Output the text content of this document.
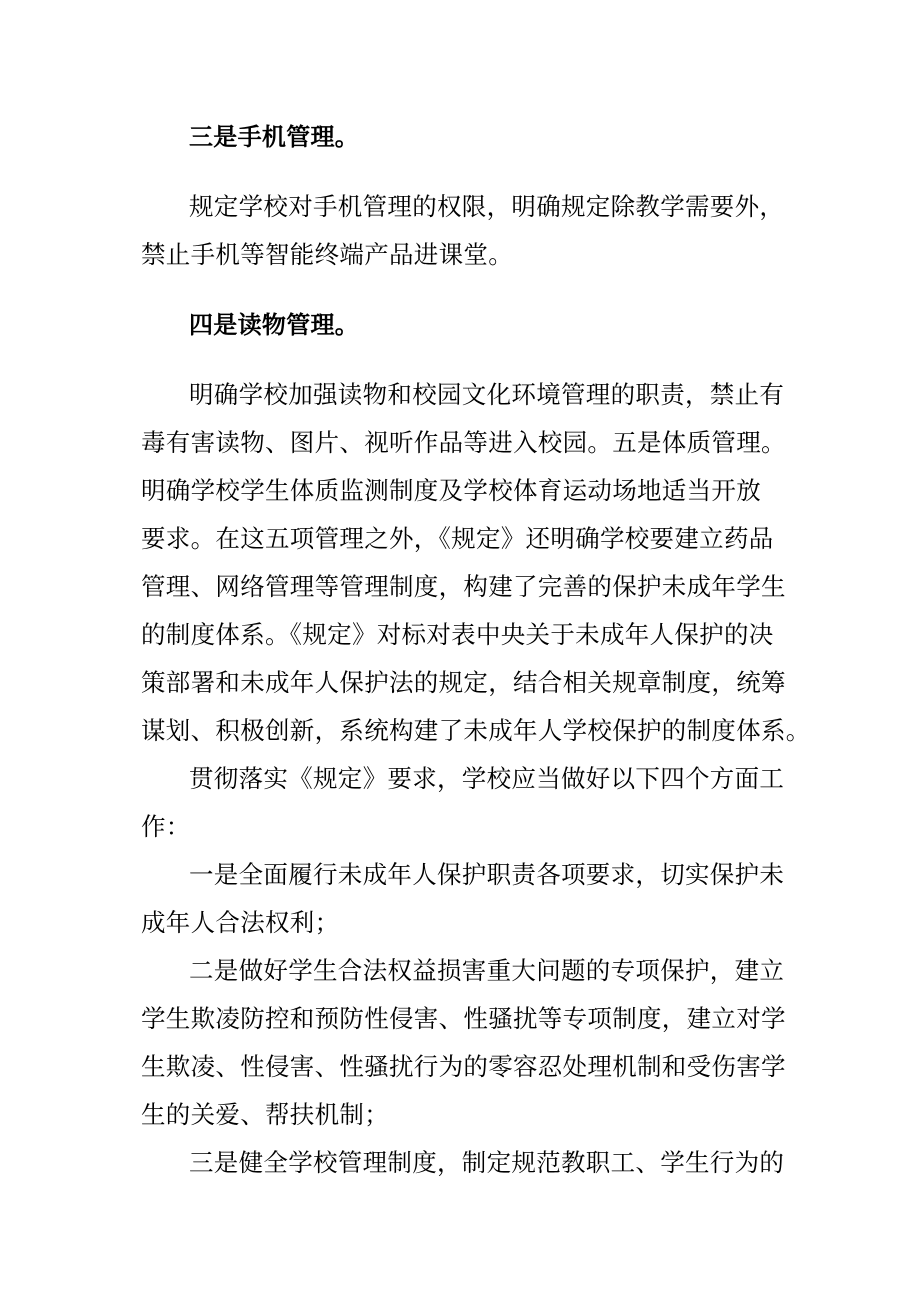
三是手机管理。
规定学校对手机管理的权限，明确规定除教学需要外，
禁止手机等智能终端产品进课堂。
四是读物管理。
明确学校加强读物和校园文化环境管理的职责，禁止有
毒有害读物、图片、视听作品等进入校园。五是体质管理。
明确学校学生体质监测制度及学校体育运动场地适当开放
要求。在这五项管理之外，《规定》还明确学校要建立药品
管理、网络管理等管理制度，构建了完善的保护未成年学生
的制度体系。《规定》对标对表中央关于未成年人保护的决
策部署和未成年人保护法的规定，结合相关规章制度，统筹
谋划、积极创新，系统构建了未成年人学校保护的制度体系。
贯彻落实《规定》要求，学校应当做好以下四个方面工
作：
一是全面履行未成年人保护职责各项要求，切实保护未
成年人合法权利；
二是做好学生合法权益损害重大问题的专项保护，建立
学生欺凌防控和预防性侵害、性骚扰等专项制度，建立对学
生欺凌、性侵害、性骚扰行为的零容忍处理机制和受伤害学
生的关爱、帮扶机制；
三是健全学校管理制度，制定规范教职工、学生行为的
